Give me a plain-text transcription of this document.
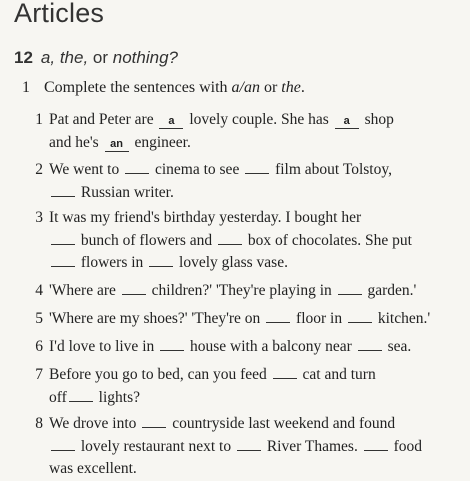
Articles
12 a, the, or nothing?
1 Complete the sentences with a/an or the.
1 Pat and Peter are a lovely couple. She has a shop
and he's an engineer.
2 We went to cinema to see film about Tolstoy,
Russian writer.
3 It was my friend's birthday yesterday. I bought her
bunch of flowers and box of chocolates. She put
flowers in lovely glass vase.
4 'Where are children?' 'They're playing in garden.'
5 'Where are my shoes?' 'They're on floor in kitchen.'
6 I'd love to live in house with a balcony near sea.
7 Before you go to bed, can you feed cat and turn
off lights?
8 We drove into countryside last weekend and found
lovely restaurant next to River Thames. food
was excellent.
